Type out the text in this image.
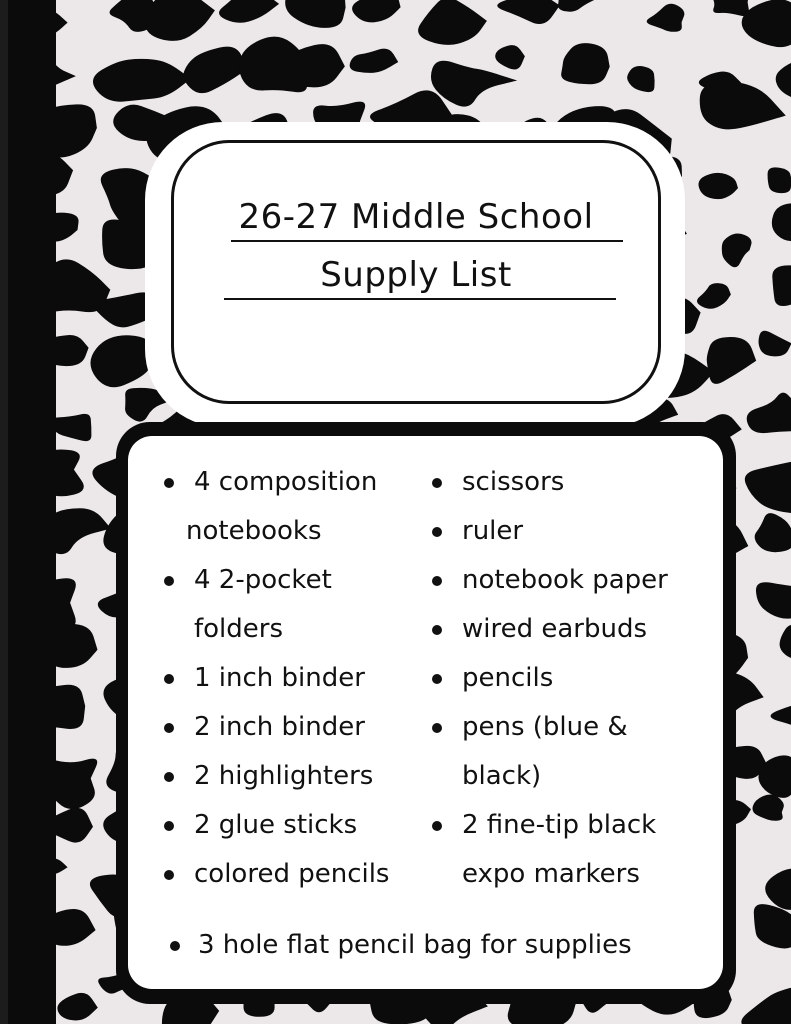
26-27 Middle School
Supply List
4 composition
notebooks
4 2-pocket
folders
1 inch binder
2 inch binder
2 highlighters
2 glue sticks
colored pencils
scissors
ruler
notebook paper
wired earbuds
pencils
pens (blue &
black)
2 fine-tip black
expo markers
3 hole flat pencil bag for supplies
